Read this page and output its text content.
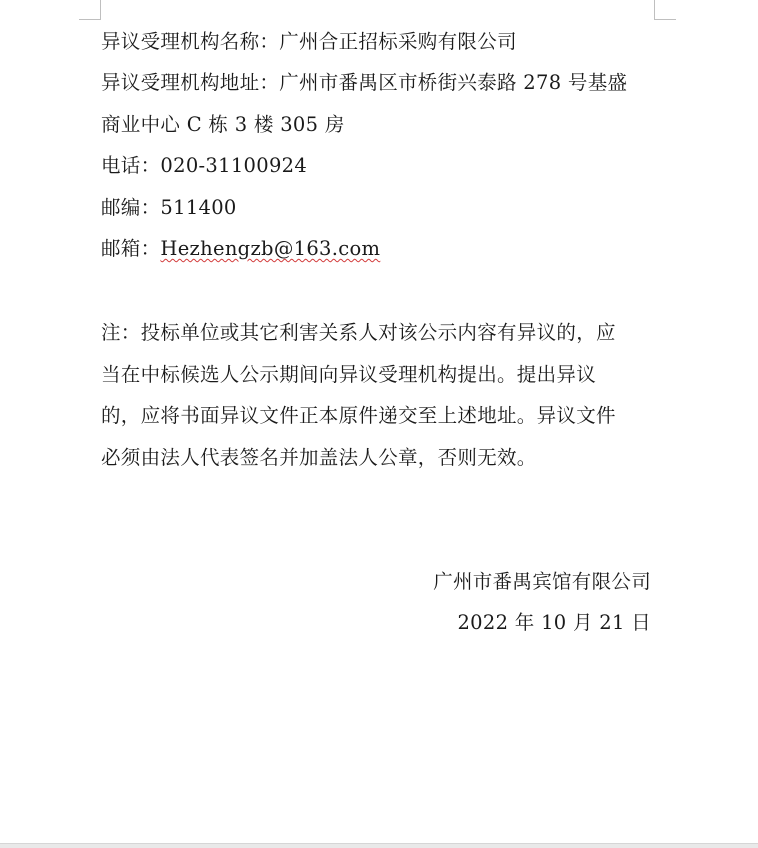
异议受理机构名称：广州合正招标采购有限公司
异议受理机构地址：广州市番禺区市桥街兴泰路 278 号基盛
商业中心 C 栋 3 楼 305 房
电话：020-31100924
邮编：511400
邮箱：Hezhengzb@163.com
注：投标单位或其它利害关系人对该公示内容有异议的，应
当在中标候选人公示期间向异议受理机构提出。提出异议
的，应将书面异议文件正本原件递交至上述地址。异议文件
必须由法人代表签名并加盖法人公章，否则无效。
广州市番禺宾馆有限公司
2022 年 10 月 21 日
